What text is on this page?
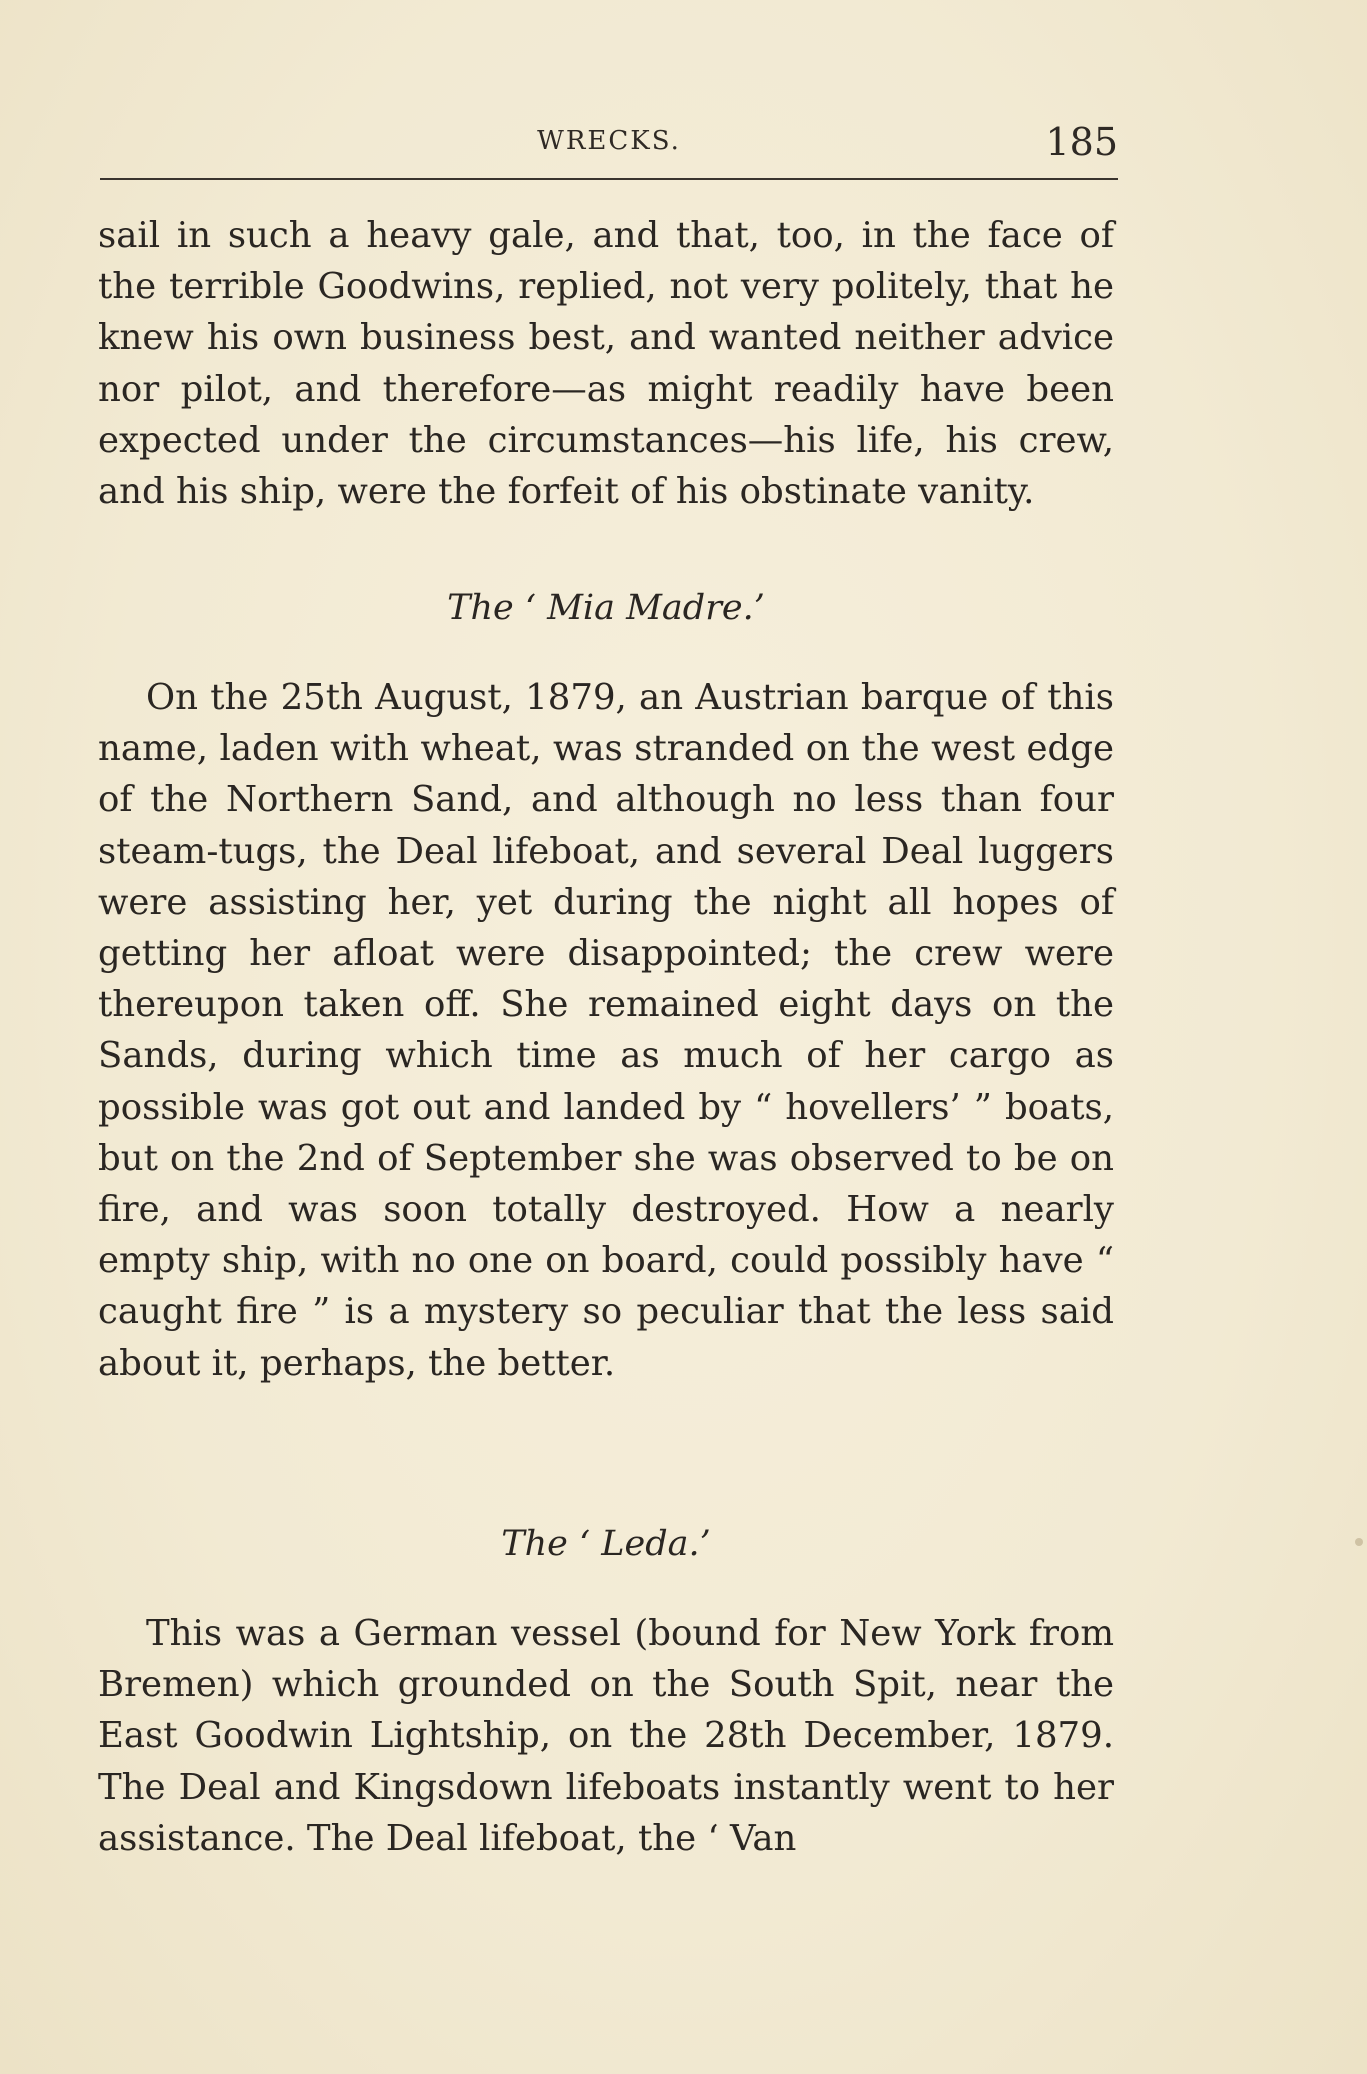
WRECKS.	185

sail in such a heavy gale, and that, too, in the face of the terrible Goodwins, replied, not very politely, that he knew his own business best, and wanted neither advice nor pilot, and therefore—as might readily have been expected under the circumstances—his life, his crew, and his ship, were the forfeit of his obstinate vanity.

The ‘ Mia Madre.’

On the 25th August, 1879, an Austrian barque of this name, laden with wheat, was stranded on the west edge of the Northern Sand, and although no less than four steam-tugs, the Deal lifeboat, and several Deal luggers were assisting her, yet during the night all hopes of getting her afloat were disappointed; the crew were thereupon taken off. She remained eight days on the Sands, during which time as much of her cargo as possible was got out and landed by “ hovellers’ ” boats, but on the 2nd of September she was observed to be on fire, and was soon totally destroyed. How a nearly empty ship, with no one on board, could possibly have “ caught fire ” is a mystery so peculiar that the less said about it, perhaps, the better.

The ‘ Leda.’

This was a German vessel (bound for New York from Bremen) which grounded on the South Spit, near the East Goodwin Lightship, on the 28th December, 1879. The Deal and Kingsdown lifeboats instantly went to her assistance. The Deal lifeboat, the ‘ Van
